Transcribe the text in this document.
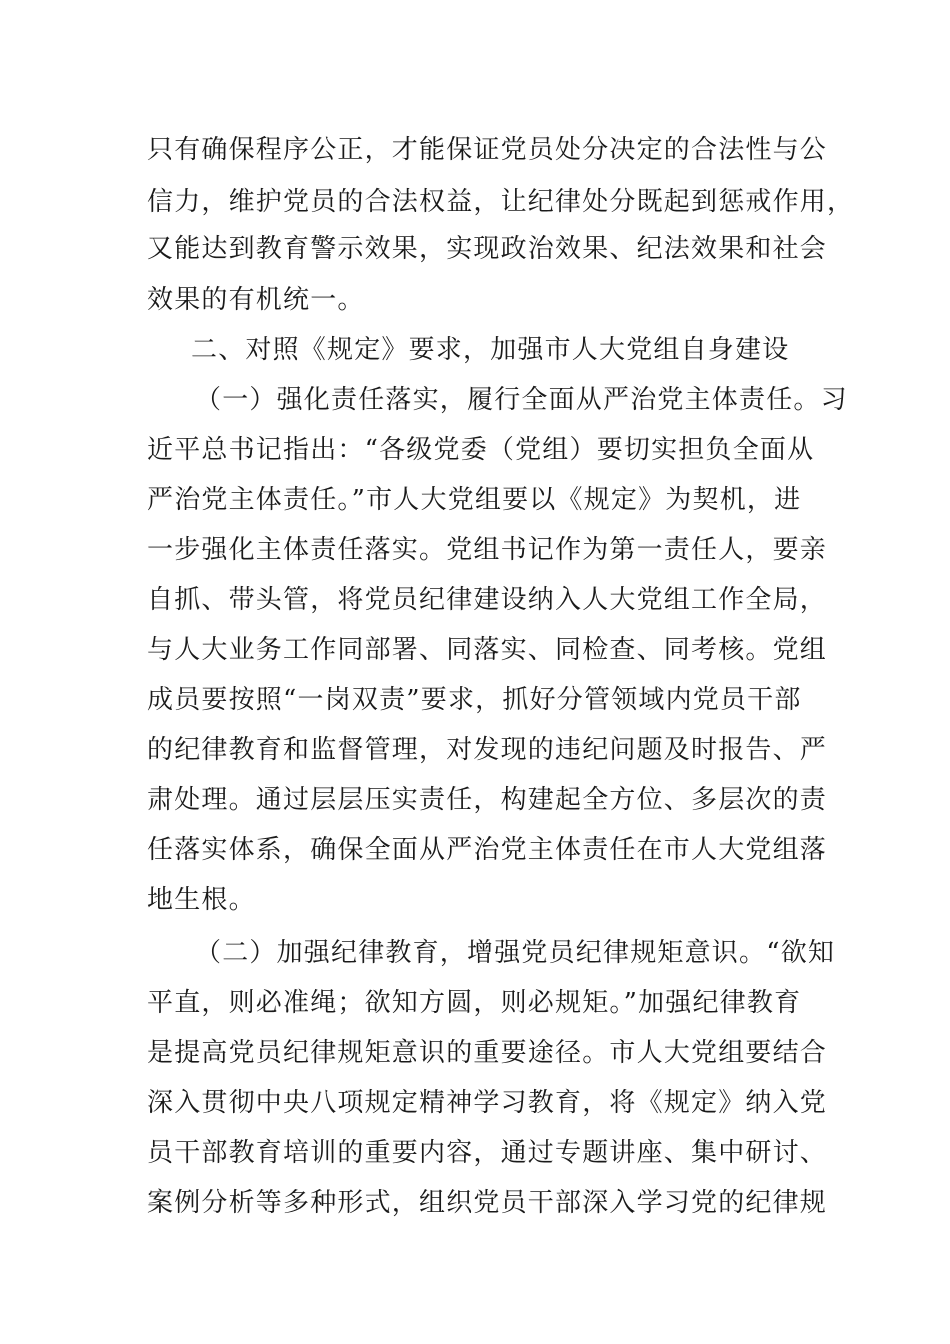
只有确保程序公正，才能保证党员处分决定的合法性与公
信力，维护党员的合法权益，让纪律处分既起到惩戒作用，
又能达到教育警示效果，实现政治效果、纪法效果和社会
效果的有机统一。
二、对照《规定》要求，加强市人大党组自身建设
（一）强化责任落实，履行全面从严治党主体责任。习
近平总书记指出：“各级党委（党组）要切实担负全面从
严治党主体责任。”市人大党组要以《规定》为契机，进
一步强化主体责任落实。党组书记作为第一责任人，要亲
自抓、带头管，将党员纪律建设纳入人大党组工作全局，
与人大业务工作同部署、同落实、同检查、同考核。党组
成员要按照“一岗双责”要求，抓好分管领域内党员干部
的纪律教育和监督管理，对发现的违纪问题及时报告、严
肃处理。通过层层压实责任，构建起全方位、多层次的责
任落实体系，确保全面从严治党主体责任在市人大党组落
地生根。
（二）加强纪律教育，增强党员纪律规矩意识。“欲知
平直，则必准绳；欲知方圆，则必规矩。”加强纪律教育
是提高党员纪律规矩意识的重要途径。市人大党组要结合
深入贯彻中央八项规定精神学习教育，将《规定》纳入党
员干部教育培训的重要内容，通过专题讲座、集中研讨、
案例分析等多种形式，组织党员干部深入学习党的纪律规
